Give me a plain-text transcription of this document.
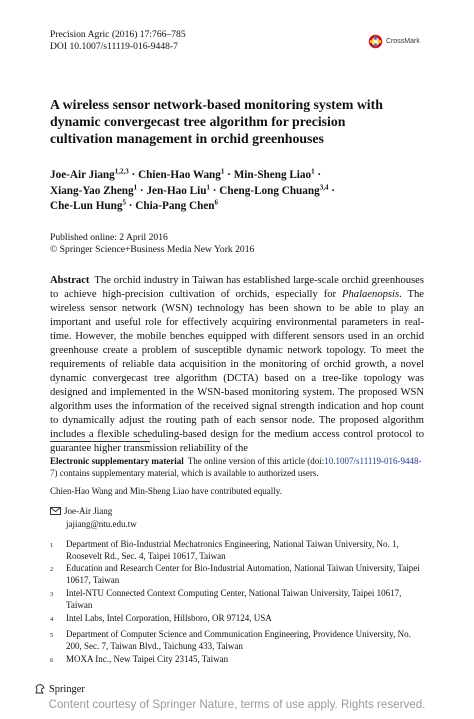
Precision Agric (2016) 17:766–785
DOI 10.1007/s11119-016-9448-7	CrossMark
A wireless sensor network-based monitoring system with dynamic convergecast tree algorithm for precision cultivation management in orchid greenhouses
Joe-Air Jiang$^{1,2,3}$ · Chien-Hao Wang$^1$ · Min-Sheng Liao$^1$ ·
Xiang-Yao Zheng$^1$ · Jen-Hao Liu$^1$ · Cheng-Long Chuang$^{3,4}$ ·
Che-Lun Hung$^5$ · Chia-Pang Chen$^6$
Published online: 2 April 2016
© Springer Science+Business Media New York 2016
Abstract The orchid industry in Taiwan has established large-scale orchid greenhouses to achieve high-precision cultivation of orchids, especially for Phalaenopsis. The wireless sensor network (WSN) technology has been shown to be able to play an important and useful role for effectively acquiring environmental parameters in real-time. However, the mobile benches equipped with different sensors used in an orchid greenhouse create a problem of susceptible dynamic network topology. To meet the requirements of reliable data acquisition in the monitoring of orchid growth, a novel dynamic convergecast tree algorithm (DCTA) based on a tree-like topology was designed and implemented in the WSN-based monitoring system. The proposed WSN algorithm uses the information of the received signal strength indication and hop count to dynamically adjust the routing path of each sensor node. The proposed algorithm includes a flexible scheduling-based design for the medium access control protocol to guarantee higher transmission reliability of the
Electronic supplementary material The online version of this article (doi:10.1007/s11119-016-9448-7) contains supplementary material, which is available to authorized users.
Chien-Hao Wang and Min-Sheng Liao have contributed equally.
Joe-Air Jiang
jajiang@ntu.edu.tw
1	Department of Bio-Industrial Mechatronics Engineering, National Taiwan University, No. 1, Roosevelt Rd., Sec. 4, Taipei 10617, Taiwan
2	Education and Research Center for Bio-Industrial Automation, National Taiwan University, Taipei 10617, Taiwan
3	Intel-NTU Connected Context Computing Center, National Taiwan University, Taipei 10617, Taiwan
4	Intel Labs, Intel Corporation, Hillsboro, OR 97124, USA
5	Department of Computer Science and Communication Engineering, Providence University, No. 200, Sec. 7, Taiwan Blvd., Taichung 433, Taiwan
6	MOXA Inc., New Taipei City 23145, Taiwan
Springer
Content courtesy of Springer Nature, terms of use apply. Rights reserved.
